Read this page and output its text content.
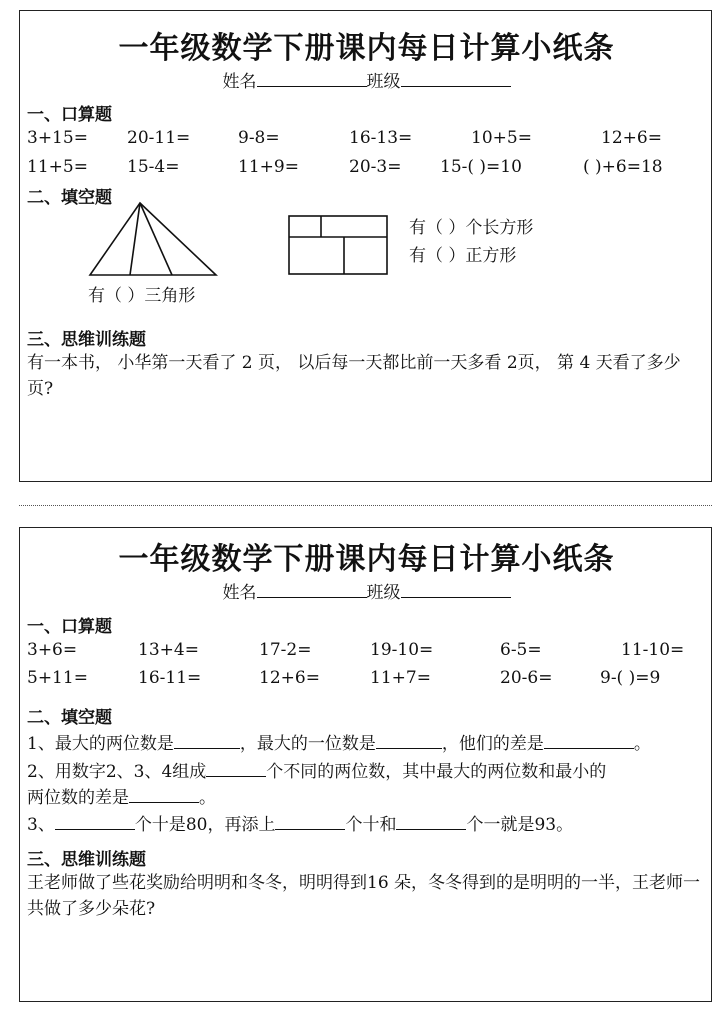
一年级数学下册课内每日计算小纸条
姓名	班级
一、口算题
3+15= 20-11=	9-8=	16-13=	10+5=	12+6=
11+5= 15-4=	11+9=	20-3= 15-( )=10	( )+6=18
二、填空题
有（ ）三角形
有（ ）个长方形
有（ ）正方形
三、思维训练题
有一本书， 小华第一天看了 2 页， 以后每一天都比前一天多看 2页， 第 4 天看了多少页?
一年级数学下册课内每日计算小纸条
姓名	班级
一、口算题
3+6=	13+4=	17-2=	19-10=	6-5=	11-10=
5+11=	16-11=	12+6=	11+7=	20-6=	9-( )=9
二、填空题
1、最大的两位数是	，最大的一位数是	，他们的差是	。
2、用数字2、3、4组成	个不同的两位数，其中最大的两位数和最小的
两位数的差是	。
3、	个十是80，再添上	个十和	个一就是93。
三、思维训练题
王老师做了些花奖励给明明和冬冬，明明得到16 朵，冬冬得到的是明明的一半，王老师一共做了多少朵花?
